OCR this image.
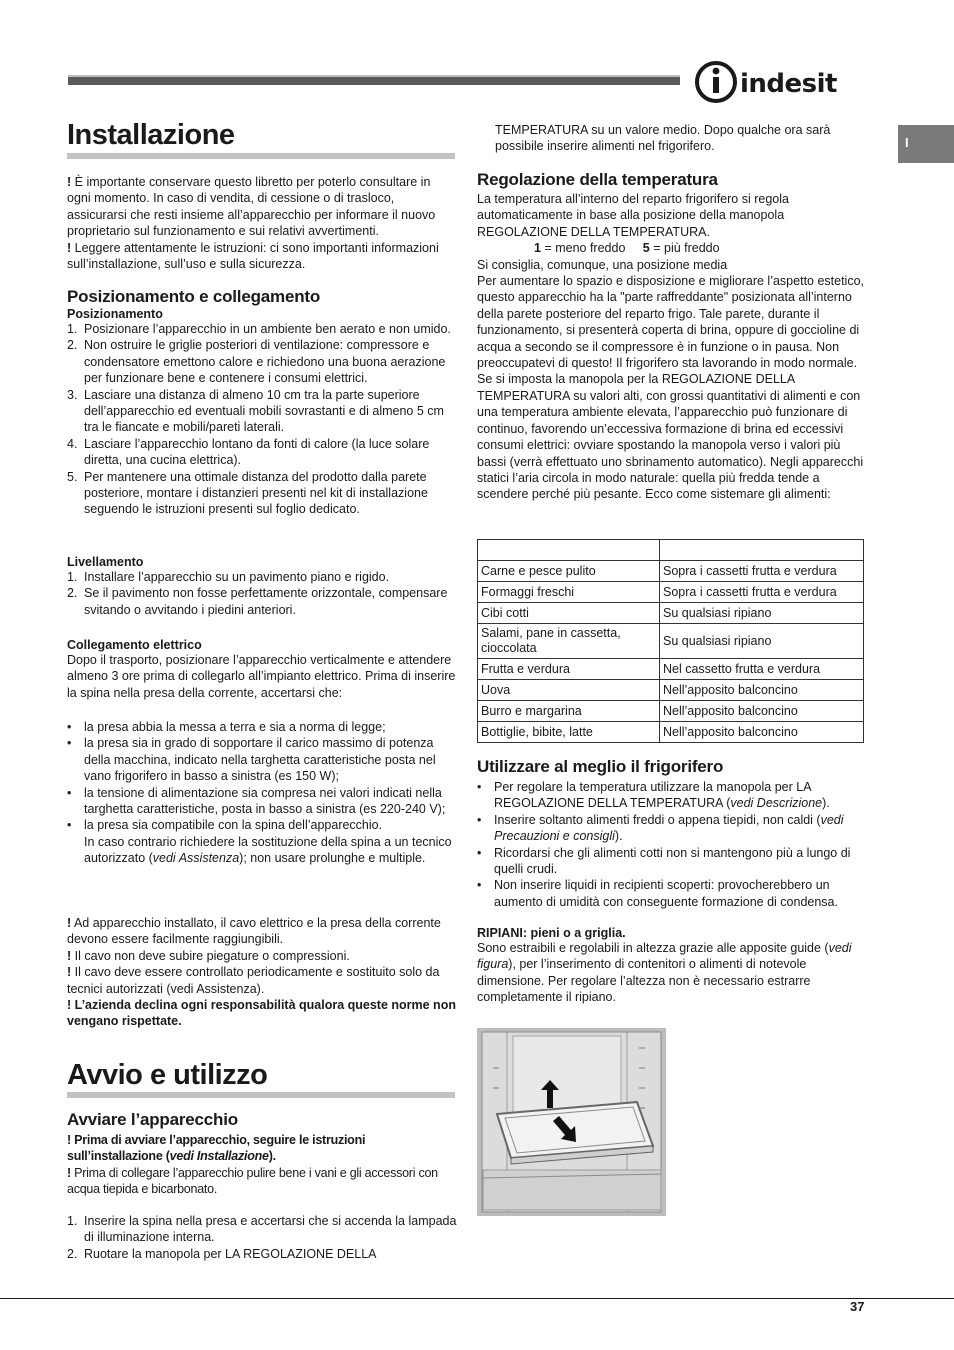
indesit
I
Installazione
! È importante conservare questo libretto per poterlo consultare in ogni momento. In caso di vendita, di cessione o di trasloco, assicurarsi che resti insieme all’apparecchio per informare il nuovo proprietario sul funzionamento e sui relativi avvertimenti.
! Leggere attentamente le istruzioni: ci sono importanti informazioni sull’installazione, sull’uso e sulla sicurezza.
Posizionamento e collegamento
Posizionamento
1. Posizionare l’apparecchio in un ambiente ben aerato e non umido.
2. Non ostruire le griglie posteriori di ventilazione: compressore e condensatore emettono calore e richiedono una buona aerazione per funzionare bene e contenere i consumi elettrici.
3. Lasciare una distanza di almeno 10 cm tra la parte superiore dell’apparecchio ed eventuali mobili sovrastanti e di almeno 5 cm tra le fiancate e mobili/pareti laterali.
4. Lasciare l’apparecchio lontano da fonti di calore (la luce solare diretta, una cucina elettrica).
5. Per mantenere una ottimale distanza del prodotto dalla parete posteriore, montare i distanzieri presenti nel kit di installazione seguendo le istruzioni presenti sul foglio dedicato.
Livellamento
1. Installare l’apparecchio su un pavimento piano e rigido.
2. Se il pavimento non fosse perfettamente orizzontale, compensare svitando o avvitando i piedini anteriori.
Collegamento elettrico
Dopo il trasporto, posizionare l’apparecchio verticalmente e attendere almeno 3 ore prima di collegarlo all’impianto elettrico. Prima di inserire la spina nella presa della corrente, accertarsi che:
• la presa abbia la messa a terra e sia a norma di legge;
• la presa sia in grado di sopportare il carico massimo di potenza della macchina, indicato nella targhetta caratteristiche posta nel vano frigorifero in basso a sinistra (es 150 W);
• la tensione di alimentazione sia compresa nei valori indicati nella targhetta caratteristiche, posta in basso a sinistra (es 220-240 V);
• la presa sia compatibile con la spina dell’apparecchio.
In caso contrario richiedere la sostituzione della spina a un tecnico autorizzato (vedi Assistenza); non usare prolunghe e multiple.
! Ad apparecchio installato, il cavo elettrico e la presa della corrente devono essere facilmente raggiungibili.
! Il cavo non deve subire piegature o compressioni.
! Il cavo deve essere controllato periodicamente e sostituito solo da tecnici autorizzati (vedi Assistenza).
! L’azienda declina ogni responsabilità qualora queste norme non vengano rispettate.
Avvio e utilizzo
Avviare l’apparecchio
! Prima di avviare l’apparecchio, seguire le istruzioni sull’installazione (vedi Installazione).
! Prima di collegare l’apparecchio pulire bene i vani e gli accessori con acqua tiepida e bicarbonato.
1. Inserire la spina nella presa e accertarsi che si accenda la lampada di illuminazione interna.
2. Ruotare la manopola per LA REGOLAZIONE DELLA
TEMPERATURA su un valore medio. Dopo qualche ora sarà possibile inserire alimenti nel frigorifero.
Regolazione della temperatura
La temperatura all’interno del reparto frigorifero si regola automaticamente in base alla posizione della manopola REGOLAZIONE DELLA TEMPERATURA.
1 = meno freddo 5 = più freddo
Si consiglia, comunque, una posizione media
Per aumentare lo spazio e disposizione e migliorare l’aspetto estetico, questo apparecchio ha la "parte raffreddante" posizionata all’interno della parete posteriore del reparto frigo. Tale parete, durante il funzionamento, si presenterà coperta di brina, oppure di goccioline di acqua a secondo se il compressore è in funzione o in pausa. Non preoccupatevi di questo! Il frigorifero sta lavorando in modo normale.
Se si imposta la manopola per la REGOLAZIONE DELLA TEMPERATURA su valori alti, con grossi quantitativi di alimenti e con una temperatura ambiente elevata, l’apparecchio può funzionare di continuo, favorendo un’eccessiva formazione di brina ed eccessivi consumi elettrici: ovviare spostando la manopola verso i valori più bassi (verrà effettuato uno sbrinamento automatico). Negli apparecchi statici l’aria circola in modo naturale: quella più fredda tende a scendere perché più pesante. Ecco come sistemare gli alimenti:

Carne e pesce pulito	Sopra i cassetti frutta e verdura
Formaggi freschi	Sopra i cassetti frutta e verdura
Cibi cotti	Su qualsiasi ripiano
Salami, pane in cassetta, cioccolata	Su qualsiasi ripiano
Frutta e verdura	Nel cassetto frutta e verdura
Uova	Nell’apposito balconcino
Burro e margarina	Nell’apposito balconcino
Bottiglie, bibite, latte	Nell’apposito balconcino
Utilizzare al meglio il frigorifero
• Per regolare la temperatura utilizzare la manopola per LA REGOLAZIONE DELLA TEMPERATURA (vedi Descrizione).
• Inserire soltanto alimenti freddi o appena tiepidi, non caldi (vedi Precauzioni e consigli).
• Ricordarsi che gli alimenti cotti non si mantengono più a lungo di quelli crudi.
• Non inserire liquidi in recipienti scoperti: provocherebbero un aumento di umidità con conseguente formazione di condensa.
RIPIANI: pieni o a griglia.
Sono estraibili e regolabili in altezza grazie alle apposite guide (vedi figura), per l’inserimento di contenitori o alimenti di notevole dimensione. Per regolare l’altezza non è necessario estrarre completamente il ripiano.
37
